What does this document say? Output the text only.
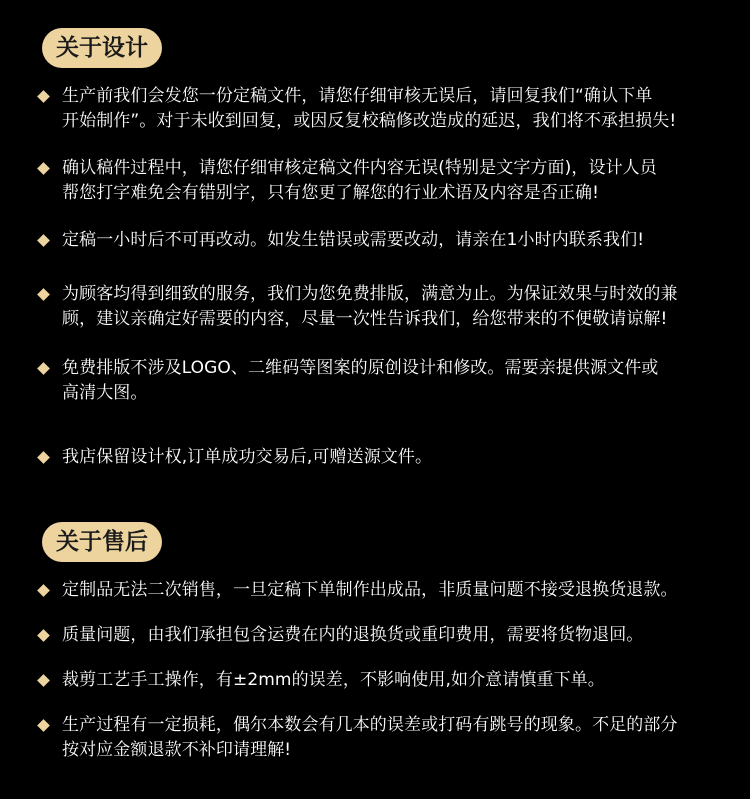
关于设计
生产前我们会发您一份定稿文件，请您仔细审核无误后，请回复我们“确认下单
开始制作”。对于未收到回复，或因反复校稿修改造成的延迟，我们将不承担损失!
确认稿件过程中，请您仔细审核定稿文件内容无误(特别是文字方面)，设计人员
帮您打字难免会有错别字，只有您更了解您的行业术语及内容是否正确!
定稿一小时后不可再改动。如发生错误或需要改动，请亲在1小时内联系我们!
为顾客均得到细致的服务，我们为您免费排版，满意为止。为保证效果与时效的兼
顾，建议亲确定好需要的内容，尽量一次性告诉我们，给您带来的不便敬请谅解!
免费排版不涉及LOGO、二维码等图案的原创设计和修改。需要亲提供源文件或
高清大图。
我店保留设计权,订单成功交易后,可赠送源文件。
关于售后
定制品无法二次销售，一旦定稿下单制作出成品，非质量问题不接受退换货退款。
质量问题，由我们承担包含运费在内的退换货或重印费用，需要将货物退回。
裁剪工艺手工操作，有±2mm的误差，不影响使用,如介意请慎重下单。
生产过程有一定损耗，偶尔本数会有几本的误差或打码有跳号的现象。不足的部分
按对应金额退款不补印请理解!
